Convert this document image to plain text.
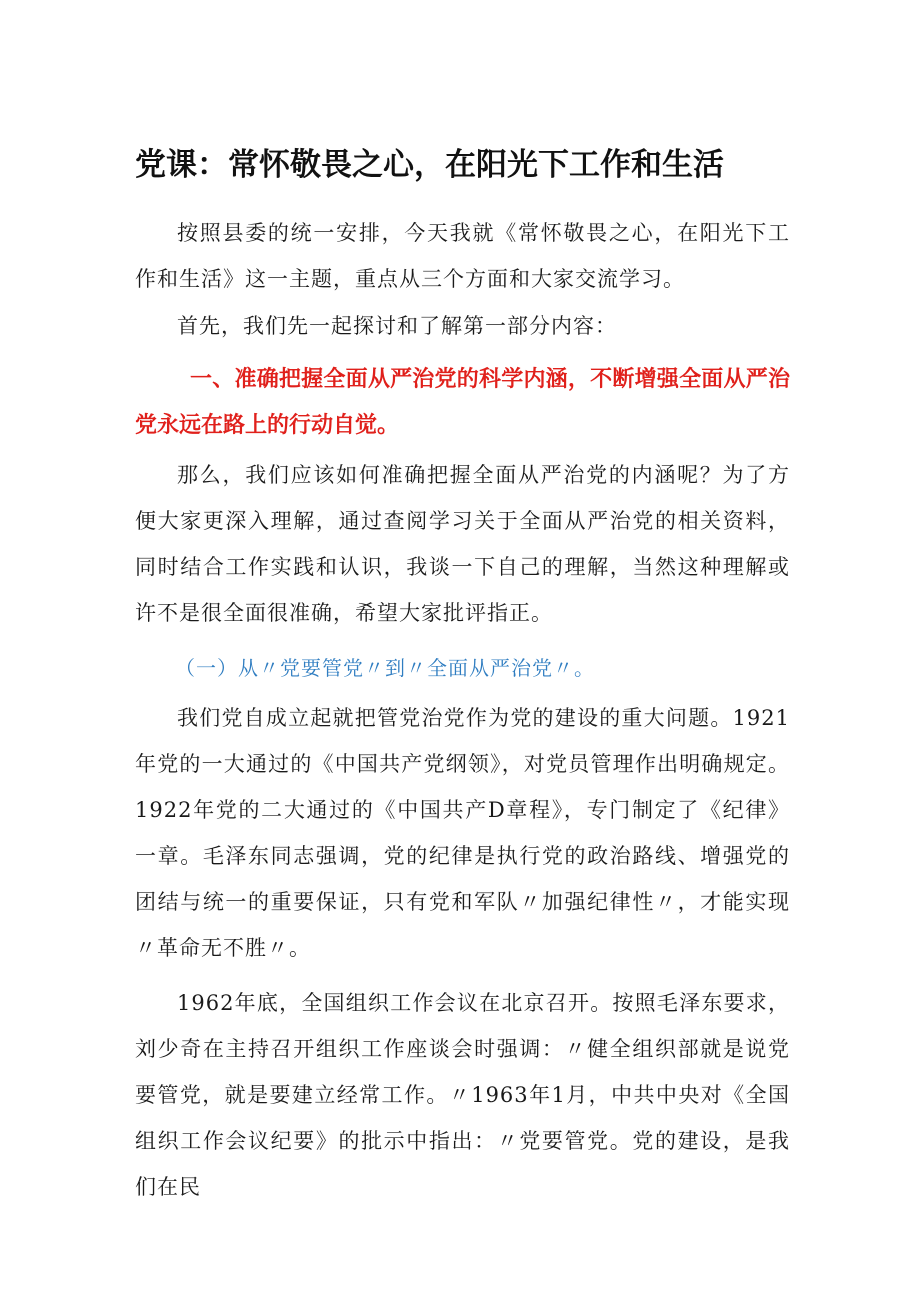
党课：常怀敬畏之心，在阳光下工作和生活

按照县委的统一安排，今天我就《常怀敬畏之心，在阳光下工作和生活》这一主题，重点从三个方面和大家交流学习。

首先，我们先一起探讨和了解第一部分内容：

一、准确把握全面从严治党的科学内涵，不断增强全面从严治党永远在路上的行动自觉。

那么，我们应该如何准确把握全面从严治党的内涵呢？为了方便大家更深入理解，通过查阅学习关于全面从严治党的相关资料，同时结合工作实践和认识，我谈一下自己的理解，当然这种理解或许不是很全面很准确，希望大家批评指正。

（一）从〃党要管党〃到〃全面从严治党〃。

我们党自成立起就把管党治党作为党的建设的重大问题。1921年党的一大通过的《中国共产党纲领》，对党员管理作出明确规定。1922年党的二大通过的《中国共产D章程》，专门制定了《纪律》一章。毛泽东同志强调，党的纪律是执行党的政治路线、增强党的团结与统一的重要保证，只有党和军队〃加强纪律性〃，才能实现〃革命无不胜〃。

1962年底，全国组织工作会议在北京召开。按照毛泽东要求，刘少奇在主持召开组织工作座谈会时强调：〃健全组织部就是说党要管党，就是要建立经常工作。〃1963年1月，中共中央对《全国组织工作会议纪要》的批示中指出：〃党要管党。党的建设，是我们在民
